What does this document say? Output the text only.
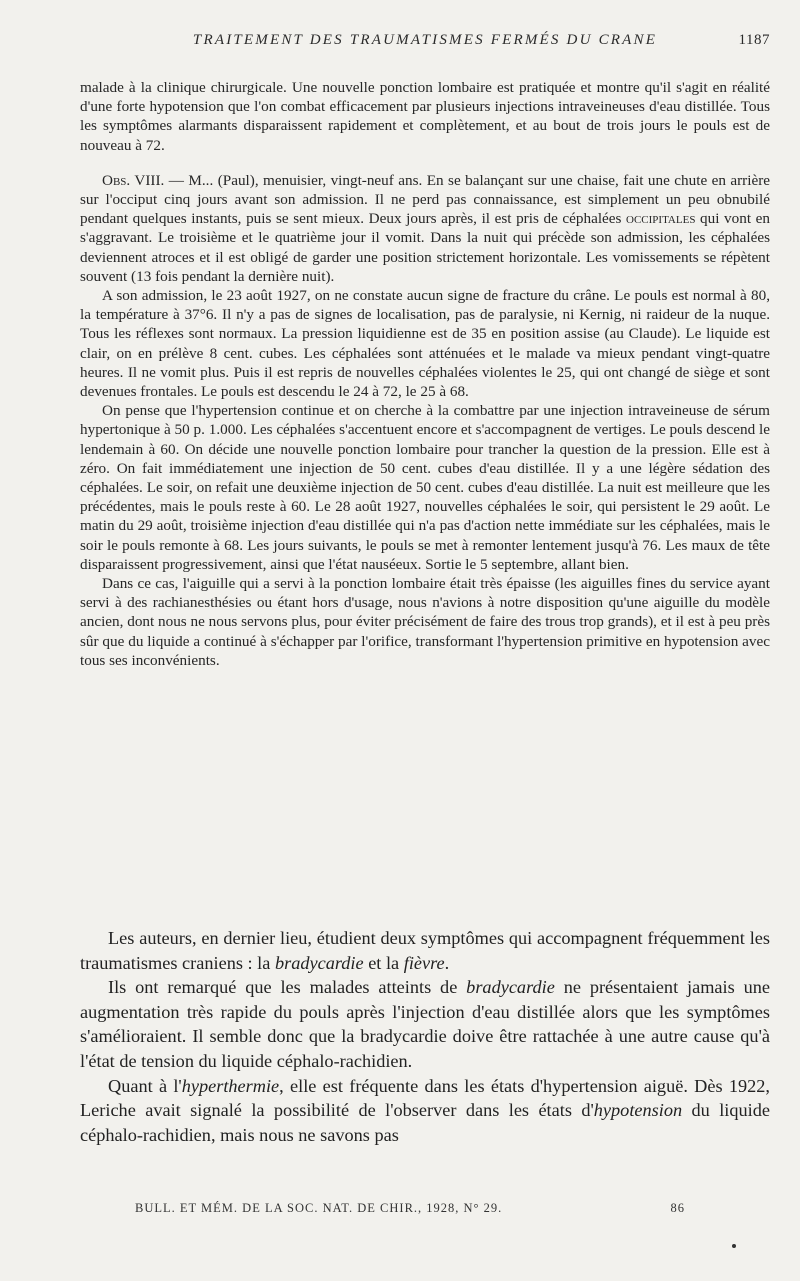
TRAITEMENT DES TRAUMATISMES FERMÉS DU CRANE	1187

malade à la clinique chirurgicale. Une nouvelle ponction lombaire est pratiquée et montre qu'il s'agit en réalité d'une forte hypotension que l'on combat efficacement par plusieurs injections intraveineuses d'eau distillée. Tous les symptômes alarmants disparaissent rapidement et complètement, et au bout de trois jours le pouls est de nouveau à 72.

Obs. VIII. — M... (Paul), menuisier, vingt-neuf ans. En se balançant sur une chaise, fait une chute en arrière sur l'occiput cinq jours avant son admission. Il ne perd pas connaissance, est simplement un peu obnubilé pendant quelques instants, puis se sent mieux. Deux jours après, il est pris de céphalées occipitales qui vont en s'aggravant. Le troisième et le quatrième jour il vomit. Dans la nuit qui précède son admission, les céphalées deviennent atroces et il est obligé de garder une position strictement horizontale. Les vomissements se répètent souvent (13 fois pendant la dernière nuit).

A son admission, le 23 août 1927, on ne constate aucun signe de fracture du crâne. Le pouls est normal à 80, la température à 37°6. Il n'y a pas de signes de localisation, pas de paralysie, ni Kernig, ni raideur de la nuque. Tous les réflexes sont normaux. La pression liquidienne est de 35 en position assise (au Claude). Le liquide est clair, on en prélève 8 cent. cubes. Les céphalées sont atténuées et le malade va mieux pendant vingt-quatre heures. Il ne vomit plus. Puis il est repris de nouvelles céphalées violentes le 25, qui ont changé de siège et sont devenues frontales. Le pouls est descendu le 24 à 72, le 25 à 68.

On pense que l'hypertension continue et on cherche à la combattre par une injection intraveineuse de sérum hypertonique à 50 p. 1.000. Les céphalées s'accentuent encore et s'accompagnent de vertiges. Le pouls descend le lendemain à 60. On décide une nouvelle ponction lombaire pour trancher la question de la pression. Elle est à zéro. On fait immédiatement une injection de 50 cent. cubes d'eau distillée. Il y a une légère sédation des céphalées. Le soir, on refait une deuxième injection de 50 cent. cubes d'eau distillée. La nuit est meilleure que les précédentes, mais le pouls reste à 60. Le 28 août 1927, nouvelles céphalées le soir, qui persistent le 29 août. Le matin du 29 août, troisième injection d'eau distillée qui n'a pas d'action nette immédiate sur les céphalées, mais le soir le pouls remonte à 68. Les jours suivants, le pouls se met à remonter lentement jusqu'à 76. Les maux de tête disparaissent progressivement, ainsi que l'état nauséeux. Sortie le 5 septembre, allant bien.

Dans ce cas, l'aiguille qui a servi à la ponction lombaire était très épaisse (les aiguilles fines du service ayant servi à des rachianesthésies ou étant hors d'usage, nous n'avions à notre disposition qu'une aiguille du modèle ancien, dont nous ne nous servons plus, pour éviter précisément de faire des trous trop grands), et il est à peu près sûr que du liquide a continué à s'échapper par l'orifice, transformant l'hypertension primitive en hypotension avec tous ses inconvénients.

Les auteurs, en dernier lieu, étudient deux symptômes qui accompagnent fréquemment les traumatismes craniens : la bradycardie et la fièvre.

Ils ont remarqué que les malades atteints de bradycardie ne présentaient jamais une augmentation très rapide du pouls après l'injection d'eau distillée alors que les symptômes s'amélioraient. Il semble donc que la bradycardie doive être rattachée à une autre cause qu'à l'état de tension du liquide céphalo-rachidien.

Quant à l'hyperthermie, elle est fréquente dans les états d'hypertension aiguë. Dès 1922, Leriche avait signalé la possibilité de l'observer dans les états d'hypotension du liquide céphalo-rachidien, mais nous ne savons pas

BULL. ET MÉM. DE LA SOC. NAT. DE CHIR., 1928, N° 29.	86
